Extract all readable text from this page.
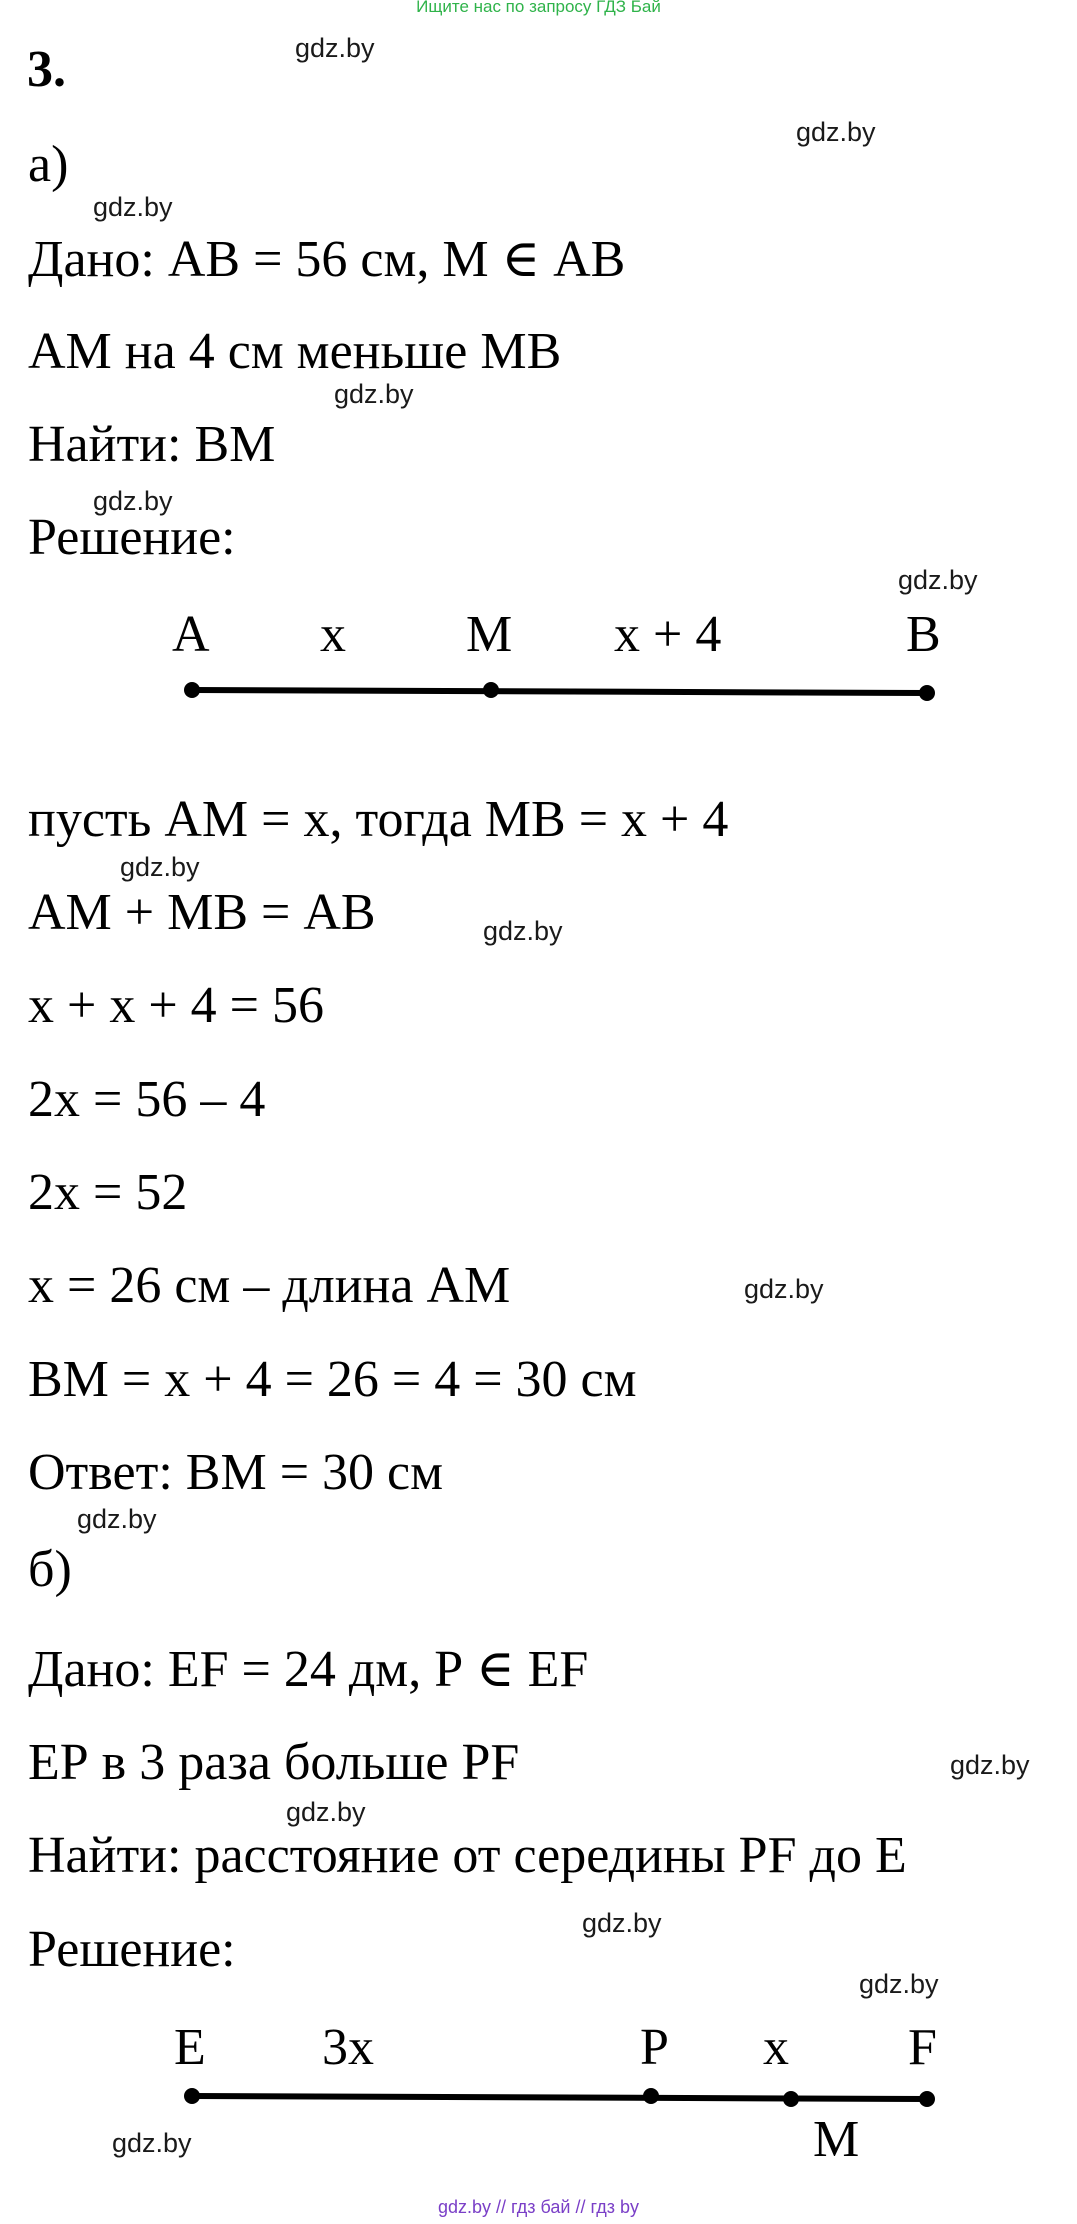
Ищите нас по запросу ГДЗ Бай
3.	gdz.by
gdz.by
gdz.by
gdz.by
gdz.by
gdz.by
gdz.by
gdz.by
gdz.by
gdz.by
gdz.by
gdz.by
gdz.by
gdz.by
gdz.by
а)
Дано: АВ = 56 см, М ∈ АВ
АМ на 4 см меньше МВ
Найти: ВМ
Решение:
A x M x + 4	B
пусть АМ = х, тогда МВ = х + 4
АМ + МВ = АВ
х + х + 4 = 56
2х = 56 – 4
2х = 52
х = 26 см – длина АМ
ВМ = х + 4 = 26 = 4 = 30 см
Ответ: ВМ = 30 см
б)
Дано: EF = 24 дм, Р ∈ EF
EР в 3 раза больше РF
Найти: расстояние от середины РF до E
Решение:
E 3x	P x F
M
gdz.by // гдз бай // гдз by
